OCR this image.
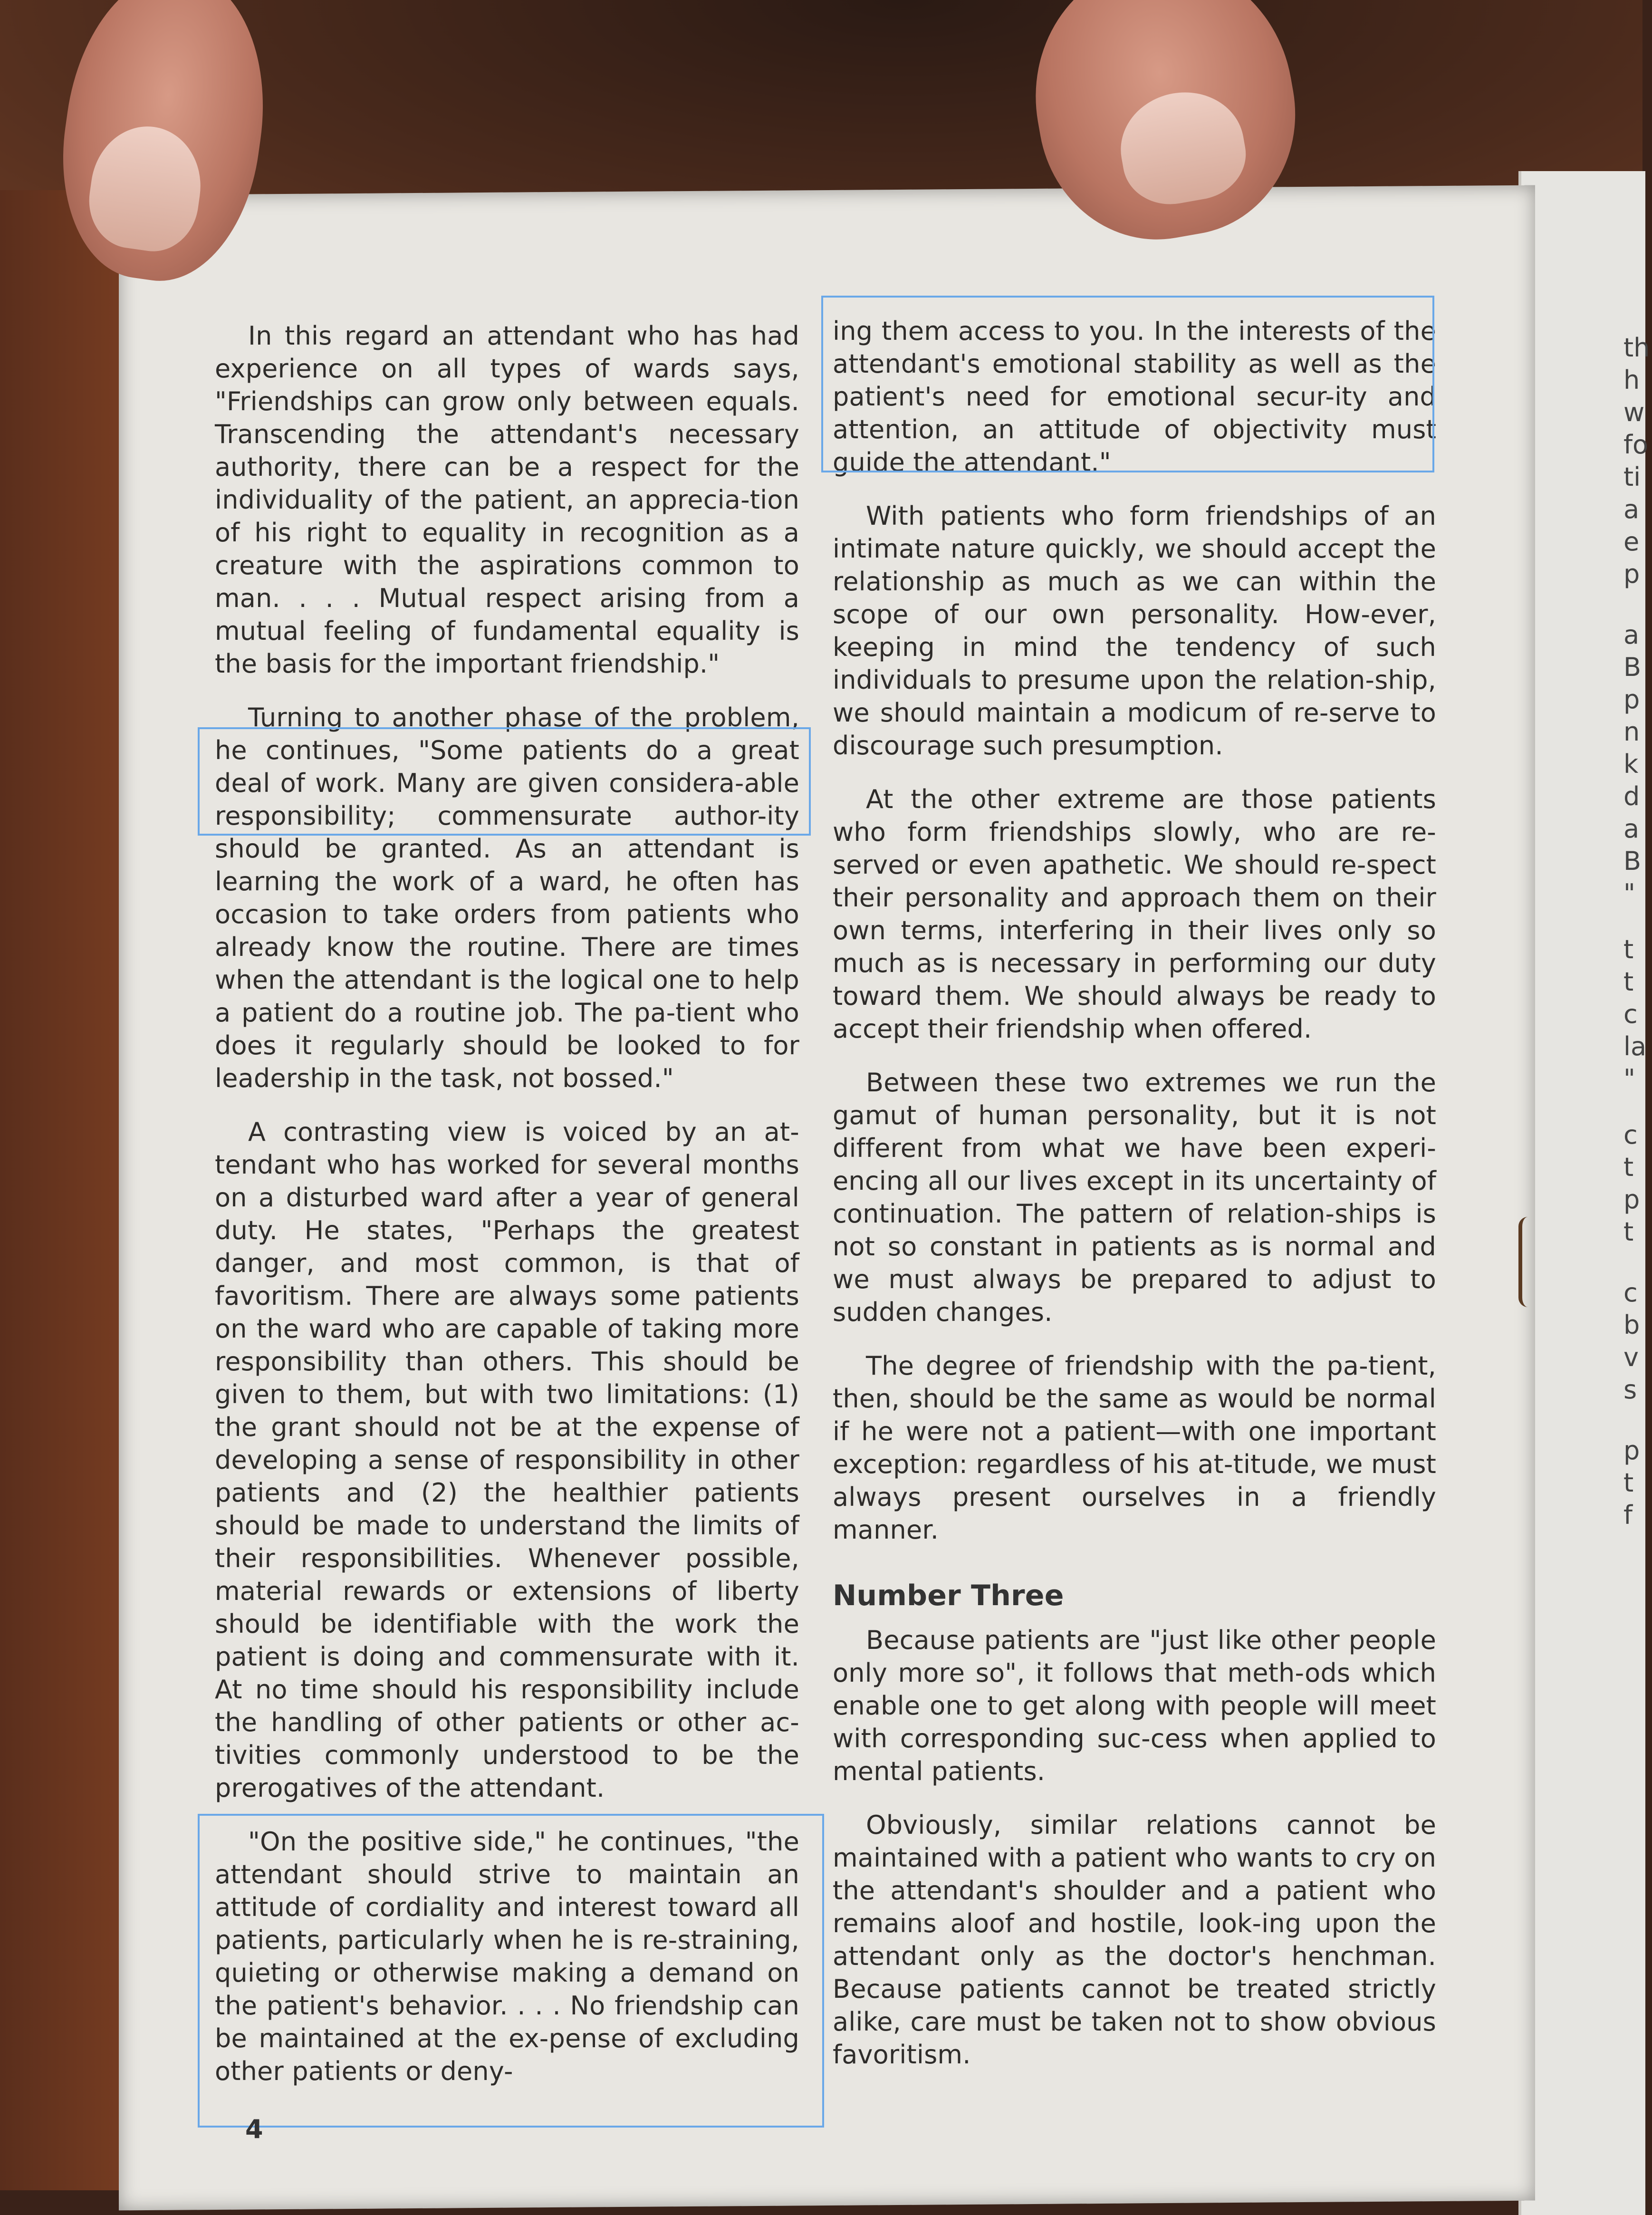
th
h
w
fo
ti
a
e
p
a
B
p
n
k
d
a
B
"
t
t
c
la
"
c
t
p
t
c
b
v
s
p
t
f

In this regard an attendant who has had experience on all types of wards says, "Friendships can grow only between equals. Transcending the attendant's necessary authority, there can be a respect for the individuality of the patient, an apprecia-tion of his right to equality in recognition as a creature with the aspirations common to man. . . . Mutual respect arising from a mutual feeling of fundamental equality is the basis for the important friendship."

Turning to another phase of the problem, he continues, "Some patients do a great deal of work. Many are given considera-able responsibility; commensurate author-ity should be granted. As an attendant is learning the work of a ward, he often has occasion to take orders from patients who already know the routine. There are times when the attendant is the logical one to help a patient do a routine job. The pa-tient who does it regularly should be looked to for leadership in the task, not bossed."

A contrasting view is voiced by an at-tendant who has worked for several months on a disturbed ward after a year of general duty. He states, "Perhaps the greatest danger, and most common, is that of favoritism. There are always some patients on the ward who are capable of taking more responsibility than others. This should be given to them, but with two limitations: (1) the grant should not be at the expense of developing a sense of responsibility in other patients and (2) the healthier patients should be made to understand the limits of their responsibilities. Whenever possible, material rewards or extensions of liberty should be identifiable with the work the patient is doing and commensurate with it. At no time should his responsibility include the handling of other patients or other ac-tivities commonly understood to be the prerogatives of the attendant.

"On the positive side," he continues, "the attendant should strive to maintain an attitude of cordiality and interest toward all patients, particularly when he is re-straining, quieting or otherwise making a demand on the patient's behavior. . . . No friendship can be maintained at the ex-pense of excluding other patients or deny-

ing them access to you. In the interests of the attendant's emotional stability as well as the patient's need for emotional secur-ity and attention, an attitude of objectivity must guide the attendant."

With patients who form friendships of an intimate nature quickly, we should accept the relationship as much as we can within the scope of our own personality. How-ever, keeping in mind the tendency of such individuals to presume upon the relation-ship, we should maintain a modicum of re-serve to discourage such presumption.

At the other extreme are those patients who form friendships slowly, who are re-served or even apathetic. We should re-spect their personality and approach them on their own terms, interfering in their lives only so much as is necessary in performing our duty toward them. We should always be ready to accept their friendship when offered.

Between these two extremes we run the gamut of human personality, but it is not different from what we have been experi-encing all our lives except in its uncertainty of continuation. The pattern of relation-ships is not so constant in patients as is normal and we must always be prepared to adjust to sudden changes.

The degree of friendship with the pa-tient, then, should be the same as would be normal if he were not a patient—with one important exception: regardless of his at-titude, we must always present ourselves in a friendly manner.

Number Three

Because patients are "just like other people only more so", it follows that meth-ods which enable one to get along with people will meet with corresponding suc-cess when applied to mental patients.

Obviously, similar relations cannot be maintained with a patient who wants to cry on the attendant's shoulder and a patient who remains aloof and hostile, look-ing upon the attendant only as the doctor's henchman. Because patients cannot be treated strictly alike, care must be taken not to show obvious favoritism.

4
